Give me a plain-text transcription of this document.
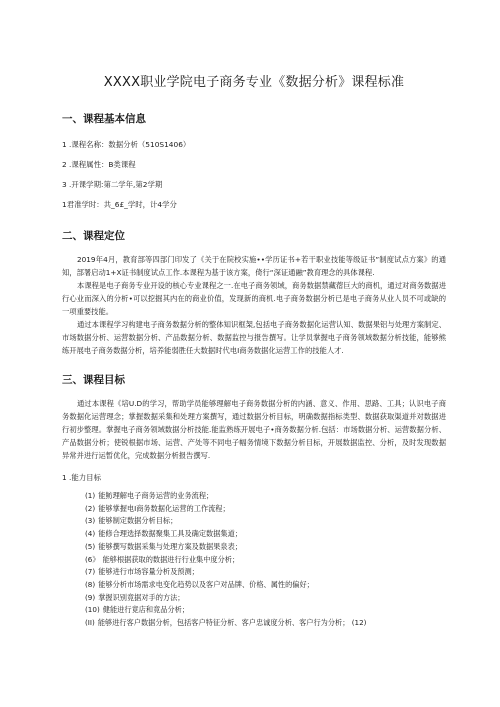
XXXX职业学院电子商务专业《数据分析》课程标准
一、课程基本信息

1 .课程名称：数据分析（510S1406）

2 .课程属性：B类课程

3 .开课学期:第二学年,第2学期

1君准学时：共_6£_学时，计4学分

二、课程定位

2019年4月，教育部等四部门印发了《关于在院校实施••学历证书+若干职业技能等级证书”制度试点方案》的通知，部署启动1+X证书制度试点工作.本课程为基于该方案，倚行“深证通融”教育理念的具体课程.

本课程是电子商务专业开设的核心专业课程之一.在电子商务领域，商务数据禁藏蓿巨大的商机，通过对商务数据进行心业而深入的分析•可以挖掘其内在的商业价值，发现新的商机.电子商务数据分析已是电子商务从业人员不可或缺的一项重要技能。

通过本课程学习构建电子商务数据分析的整体知识框架,包括电子商务数据化运营认知、数据果铝与处理方案制定、市场数据分析、运营数据分析、产品数据分析、数据监控与报告撰写。让学员掌握电子商务领域数据分析技能，能够熊练开展电子商务数据分析，培养能弱胜任大数据时代电I商务数据化运营工作的技能人才.

三、课程目标

通过本课程《培U.D的学习，帮助学员能够理解电子商务数据分析的内涵、意义、作用、思路、工具；认识电子商务数据化运营理念；掌握数据采集和处理方案撰写，通过数据分析目标，明确数据指标类型、数据获取渠道并对数据进行初步整理。掌握电子商务领域数据分析技能.能监熟练开展电子•商务数据分析.包括：市场数据分析、运营数据分析、产品数据分析；使锐根据市场、运营、产处等不同电子幅务情境下数据分析目标，开展数据监控、分析，及时发现数据异常并进行运暂优化，完成数据分析报告撰写.

1 .能力目标

(1) 能鲂理解电子商务运营的业务流程；
(2) 能够掌握电I商务数据化运营的工作流程；
(3) 能够制定数据分析目标；
(4) 能修合理选择数据聚集工具及确定数据集道；
(5) 能够撰写数据采集与处理方案及数据果泉表；
(6》 能够根据获取的数据进行行业集中度分析；
(7) 能够进行市场容量分析及预测；
(8) 能够分析市场需求电变化趋势以及客户对品牌、价格、属性的偏好；
(9) 掌握识别竟据对手的方法；
(10) 健能迸行竟店和竟品分析；
(II) 能够进行客户数据分析，包括客户特征分析、客户忠诚度分析、客户行为分析； (12)
